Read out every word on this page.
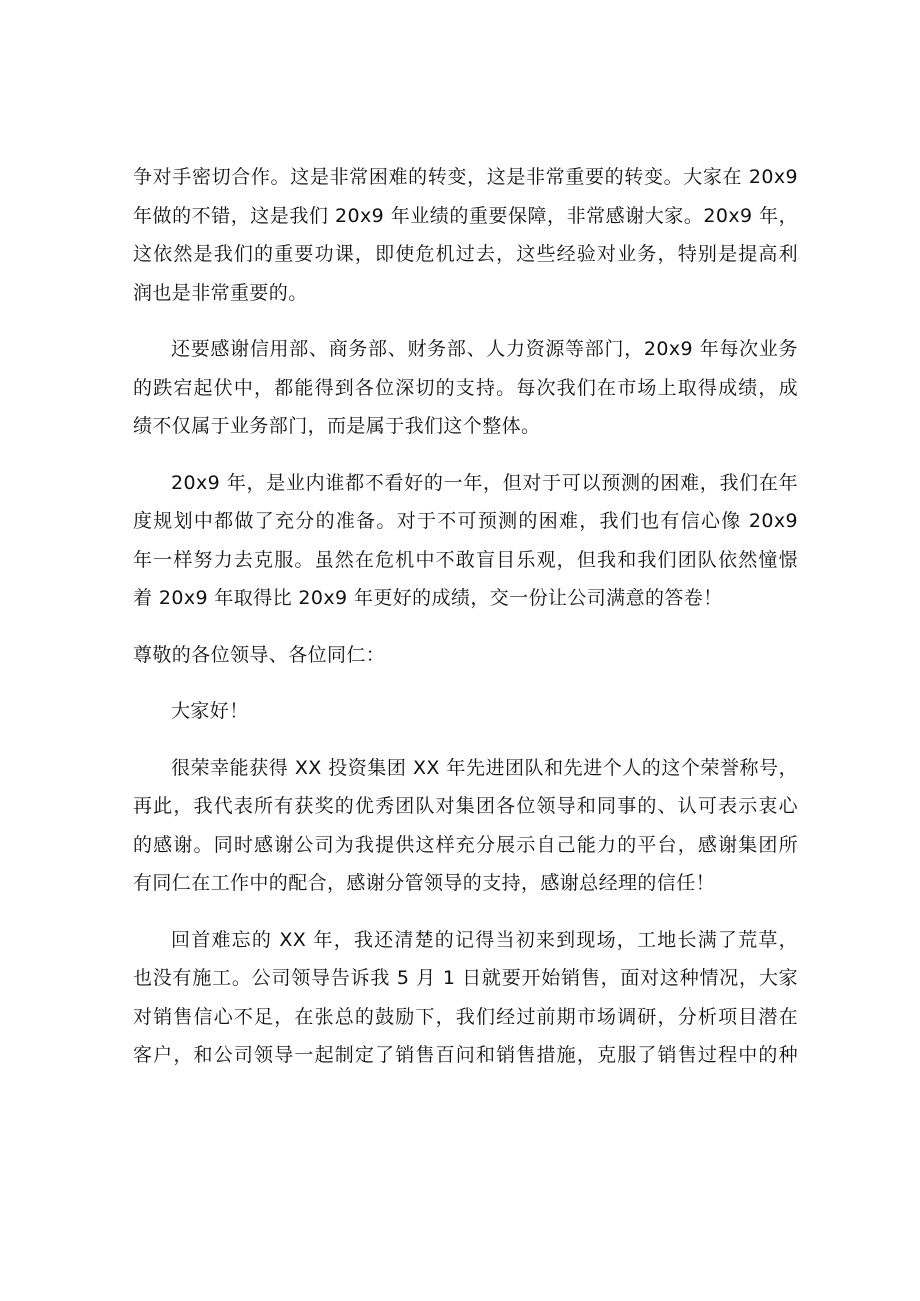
争对手密切合作。这是非常困难的转变，这是非常重要的转变。大家在 20x9
年做的不错，这是我们 20x9 年业绩的重要保障，非常感谢大家。20x9 年，
这依然是我们的重要功课，即使危机过去，这些经验对业务，特别是提高利
润也是非常重要的。

还要感谢信用部、商务部、财务部、人力资源等部门，20x9 年每次业务
的跌宕起伏中，都能得到各位深切的支持。每次我们在市场上取得成绩，成
绩不仅属于业务部门，而是属于我们这个整体。

20x9 年，是业内谁都不看好的一年，但对于可以预测的困难，我们在年
度规划中都做了充分的准备。对于不可预测的困难，我们也有信心像 20x9
年一样努力去克服。虽然在危机中不敢盲目乐观，但我和我们团队依然憧憬
着 20x9 年取得比 20x9 年更好的成绩，交一份让公司满意的答卷！

尊敬的各位领导、各位同仁：

大家好！

很荣幸能获得 XX 投资集团 XX 年先进团队和先进个人的这个荣誉称号，
再此，我代表所有获奖的优秀团队对集团各位领导和同事的、认可表示衷心
的感谢。同时感谢公司为我提供这样充分展示自己能力的平台，感谢集团所
有同仁在工作中的配合，感谢分管领导的支持，感谢总经理的信任！

回首难忘的 XX 年，我还清楚的记得当初来到现场，工地长满了荒草，
也没有施工。公司领导告诉我 5 月 1 日就要开始销售，面对这种情况，大家
对销售信心不足，在张总的鼓励下，我们经过前期市场调研，分析项目潜在
客户，和公司领导一起制定了销售百问和销售措施，克服了销售过程中的种
